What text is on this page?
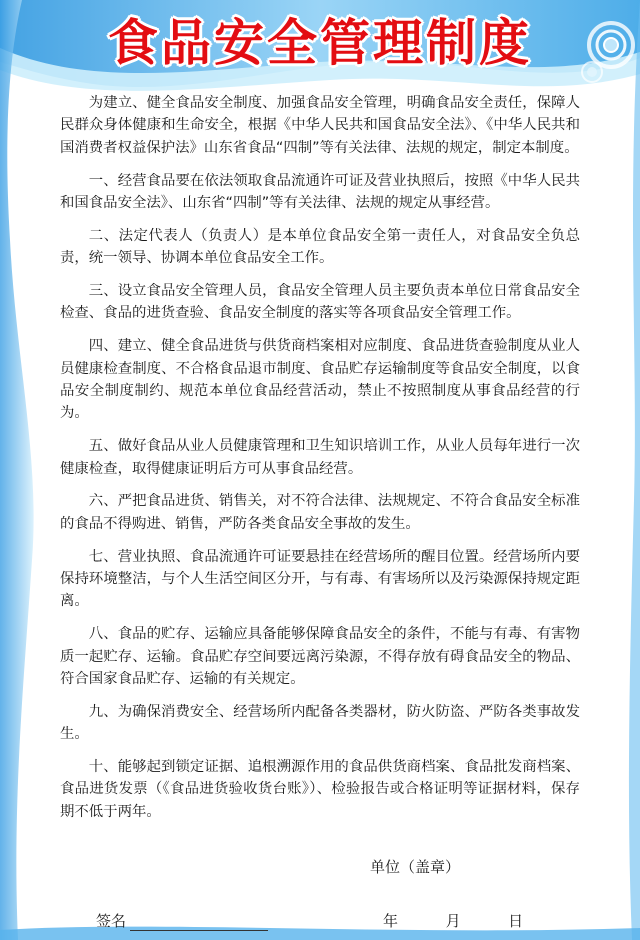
食品安全管理制度

为建立、健全食品安全制度、加强食品安全管理，明确食品安全责任，保障人民群众身体健康和生命安全，根据《中华人民共和国食品安全法》、《中华人民共和国消费者权益保护法》山东省食品“四制”等有关法律、法规的规定，制定本制度。

一、经营食品要在依法领取食品流通许可证及营业执照后，按照《中华人民共和国食品安全法》、山东省“四制”等有关法律、法规的规定从事经营。

二、法定代表人（负责人）是本单位食品安全第一责任人，对食品安全负总责，统一领导、协调本单位食品安全工作。

三、设立食品安全管理人员，食品安全管理人员主要负责本单位日常食品安全检查、食品的进货查验、食品安全制度的落实等各项食品安全管理工作。

四、建立、健全食品进货与供货商档案相对应制度、食品进货查验制度从业人员健康检查制度、不合格食品退市制度、食品贮存运输制度等食品安全制度，以食品安全制度制约、规范本单位食品经营活动，禁止不按照制度从事食品经营的行为。

五、做好食品从业人员健康管理和卫生知识培训工作，从业人员每年进行一次健康检查，取得健康证明后方可从事食品经营。

六、严把食品进货、销售关，对不符合法律、法规规定、不符合食品安全标准的食品不得购进、销售，严防各类食品安全事故的发生。

七、营业执照、食品流通许可证要悬挂在经营场所的醒目位置。经营场所内要保持环境整洁，与个人生活空间区分开，与有毒、有害场所以及污染源保持规定距离。

八、食品的贮存、运输应具备能够保障食品安全的条件，不能与有毒、有害物质一起贮存、运输。食品贮存空间要远离污染源，不得存放有碍食品安全的物品、符合国家食品贮存、运输的有关规定。

九、为确保消费安全、经营场所内配备各类器材，防火防盗、严防各类事故发生。

十、能够起到锁定证据、追根溯源作用的食品供货商档案、食品批发商档案、食品进货发票（《食品进货验收货台账》）、检验报告或合格证明等证据材料，保存期不低于两年。

单位（盖章）
签名	年	月	日
